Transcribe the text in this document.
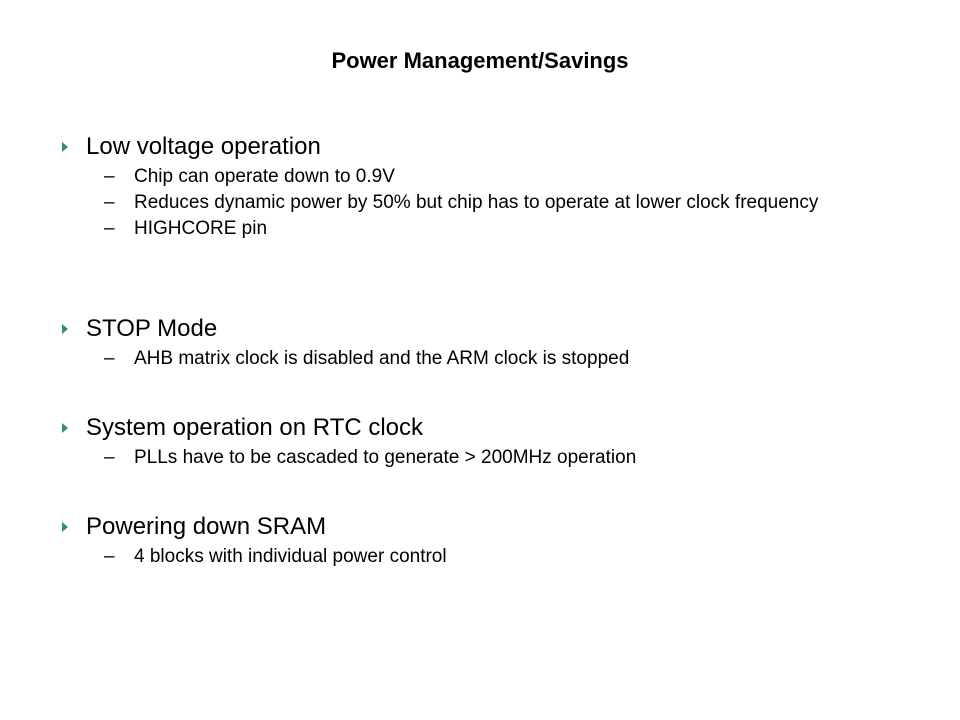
Power Management/Savings
Low voltage operation
– Chip can operate down to 0.9V
– Reduces dynamic power by 50% but chip has to operate at lower clock frequency
– HIGHCORE pin
STOP Mode
– AHB matrix clock is disabled and the ARM clock is stopped
System operation on RTC clock
– PLLs have to be cascaded to generate > 200MHz operation
Powering down SRAM
– 4 blocks with individual power control
